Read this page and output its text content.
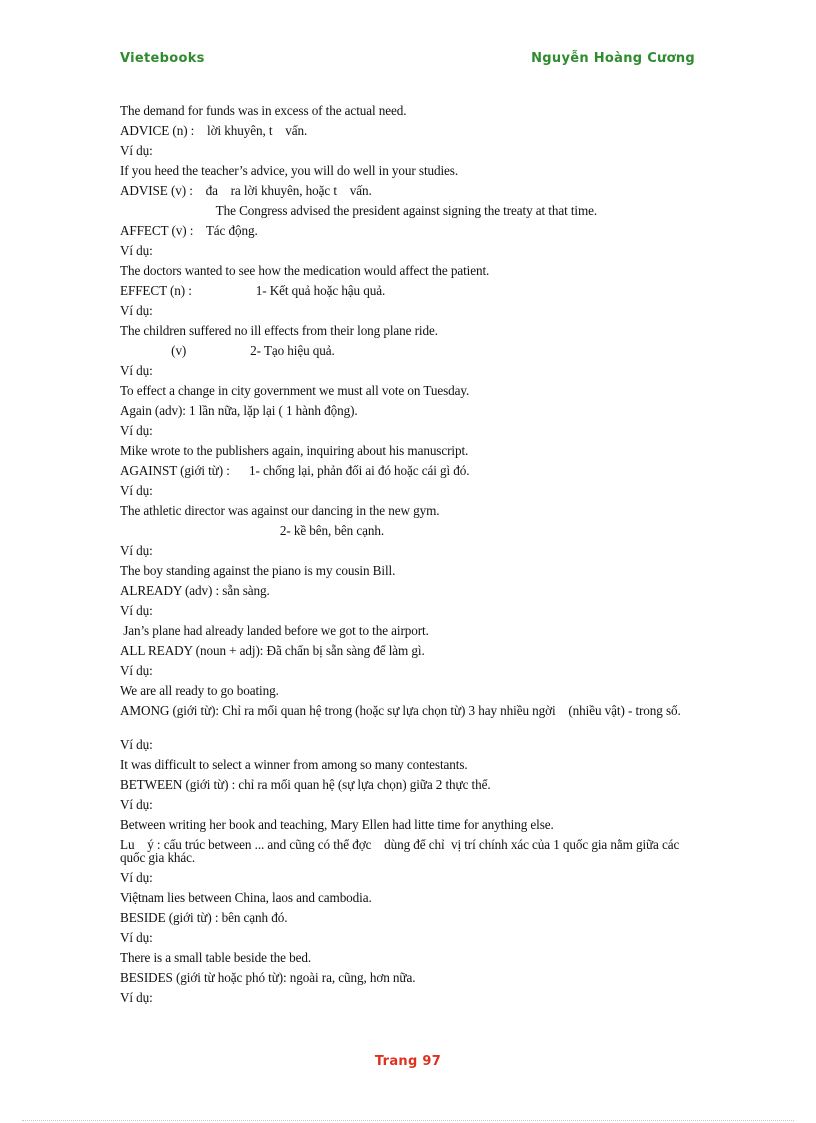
Vietebooks	Nguyễn Hoàng Cương
The demand for funds was in excess of the actual need.
ADVICE (n) :    lời khuyên, t    vấn.
Ví dụ:
If you heed the teacher’s advice, you will do well in your studies.
ADVISE (v) :    đa    ra lời khuyên, hoặc t    vấn.
The Congress advised the president against signing the treaty at that time.
AFFECT (v) :    Tác động.
Ví dụ:
The doctors wanted to see how the medication would affect the patient.
EFFECT (n) :                    1- Kết quả hoặc hậu quả.
Ví dụ:
The children suffered no ill effects from their long plane ride.
(v)                    2- Tạo hiệu quả.
Ví dụ:
To effect a change in city government we must all vote on Tuesday.
Again (adv): 1 lần nữa, lặp lại ( 1 hành động).
Ví dụ:
Mike wrote to the publishers again, inquiring about his manuscript.
AGAINST (giới từ) :      1- chống lại, phản đối ai đó hoặc cái gì đó.
Ví dụ:
The athletic director was against our dancing in the new gym.
2- kề bên, bên cạnh.
Ví dụ:
The boy standing against the piano is my cousin Bill.
ALREADY (adv) : sẵn sàng.
Ví dụ:
Jan’s plane had already landed before we got to the airport.
ALL READY (noun + adj): Đã chẩn bị sẵn sàng để làm gì.
Ví dụ:
We are all ready to go boating.
AMONG (giới từ): Chỉ ra mối quan hệ trong (hoặc sự lựa chọn từ) 3 hay nhiều ngời    (nhiều vật) - trong số.
Ví dụ:
It was difficult to select a winner from among so many contestants.
BETWEEN (giới từ) : chỉ ra mối quan hệ (sự lựa chọn) giữa 2 thực thể.
Ví dụ:
Between writing her book and teaching, Mary Ellen had litte time for anything else.
Lu    ý : cấu trúc between ... and cũng có thể đợc    dùng để chỉ  vị trí chính xác của 1 quốc gia nằm giữa các quốc gia khác.
Ví dụ:
Việtnam lies between China, laos and cambodia.
BESIDE (giới từ) : bên cạnh đó.
Ví dụ:
There is a small table beside the bed.
BESIDES (giới từ hoặc phó từ): ngoài ra, cũng, hơn nữa.
Ví dụ:
Trang 97
